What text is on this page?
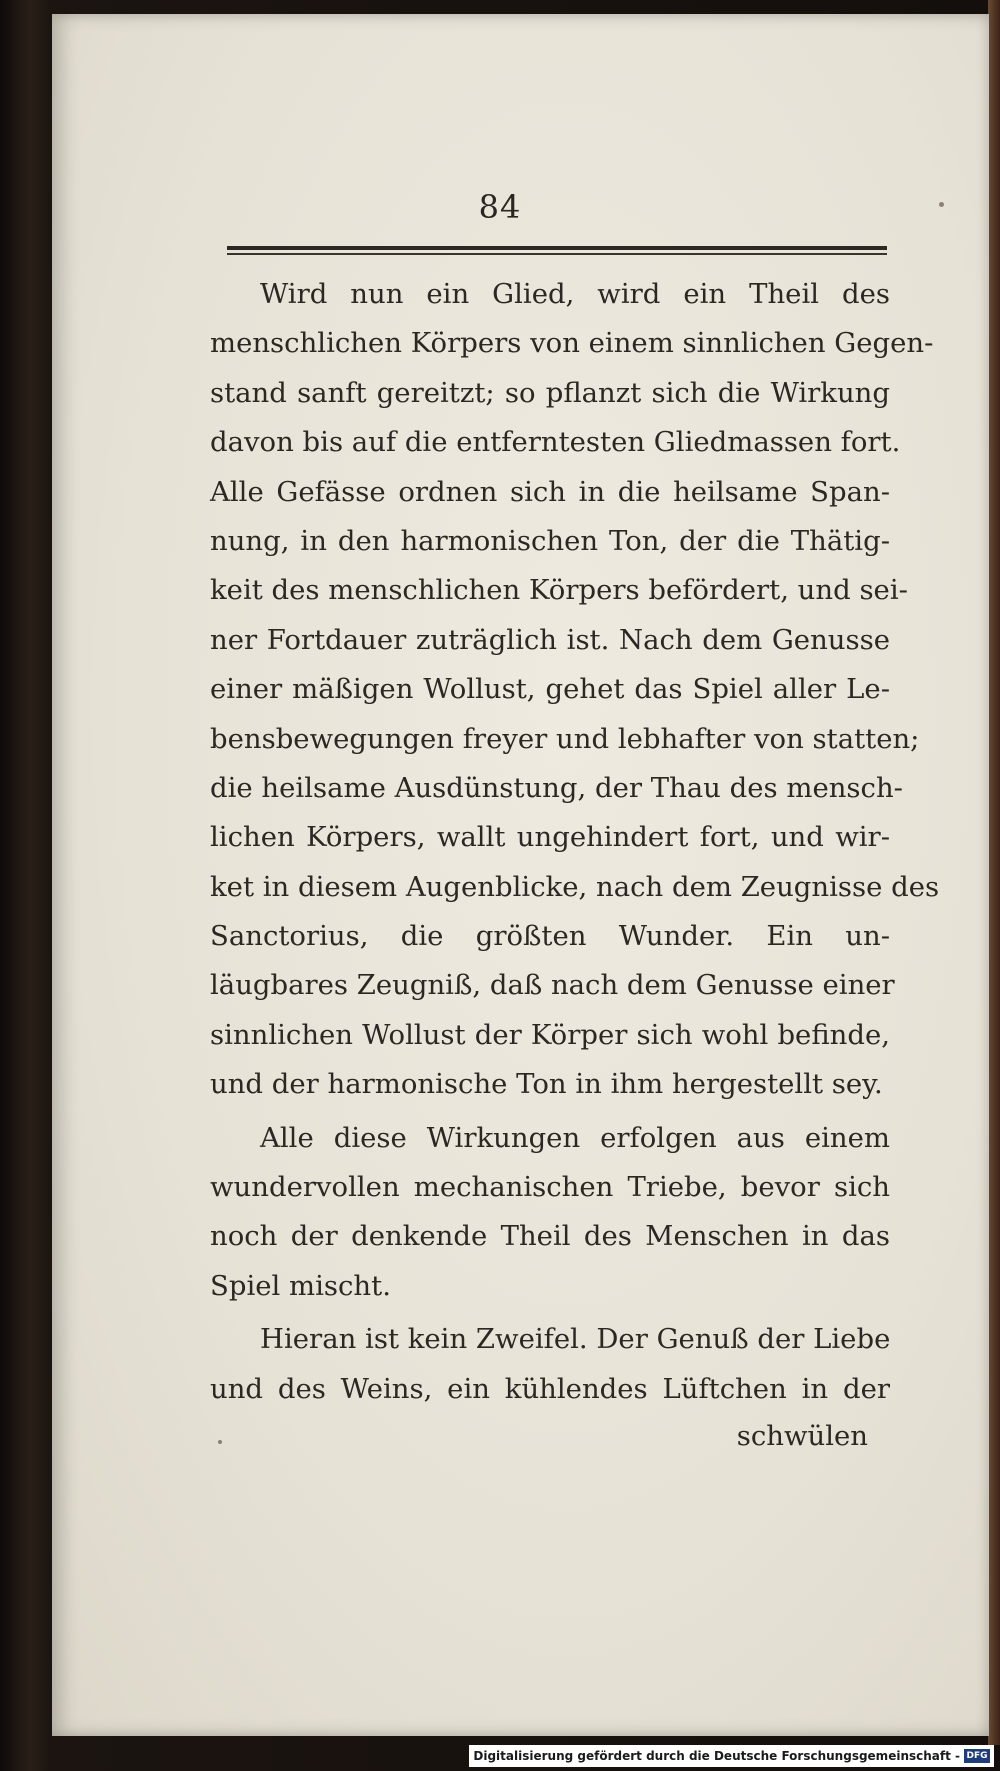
84
Wird nun ein Glied, wird ein Theil des
menschlichen Körpers von einem sinnlichen Gegen-
stand sanft gereitzt; so pflanzt sich die Wirkung
davon bis auf die entferntesten Gliedmassen fort.
Alle Gefässe ordnen sich in die heilsame Span-
nung, in den harmonischen Ton, der die Thätig-
keit des menschlichen Körpers befördert, und sei-
ner Fortdauer zuträglich ist. Nach dem Genusse
einer mäßigen Wollust, gehet das Spiel aller Le-
bensbewegungen freyer und lebhafter von statten;
die heilsame Ausdünstung, der Thau des mensch-
lichen Körpers, wallt ungehindert fort, und wir-
ket in diesem Augenblicke, nach dem Zeugnisse des
Sanctorius, die größten Wunder. Ein un-
läugbares Zeugniß, daß nach dem Genusse einer
sinnlichen Wollust der Körper sich wohl befinde,
und der harmonische Ton in ihm hergestellt sey.
Alle diese Wirkungen erfolgen aus einem
wundervollen mechanischen Triebe, bevor sich
noch der denkende Theil des Menschen in das
Spiel mischt.
Hieran ist kein Zweifel. Der Genuß der Liebe
und des Weins, ein kühlendes Lüftchen in der
schwülen
Digitalisierung gefördert durch die Deutsche Forschungsgemeinschaft - DFG
